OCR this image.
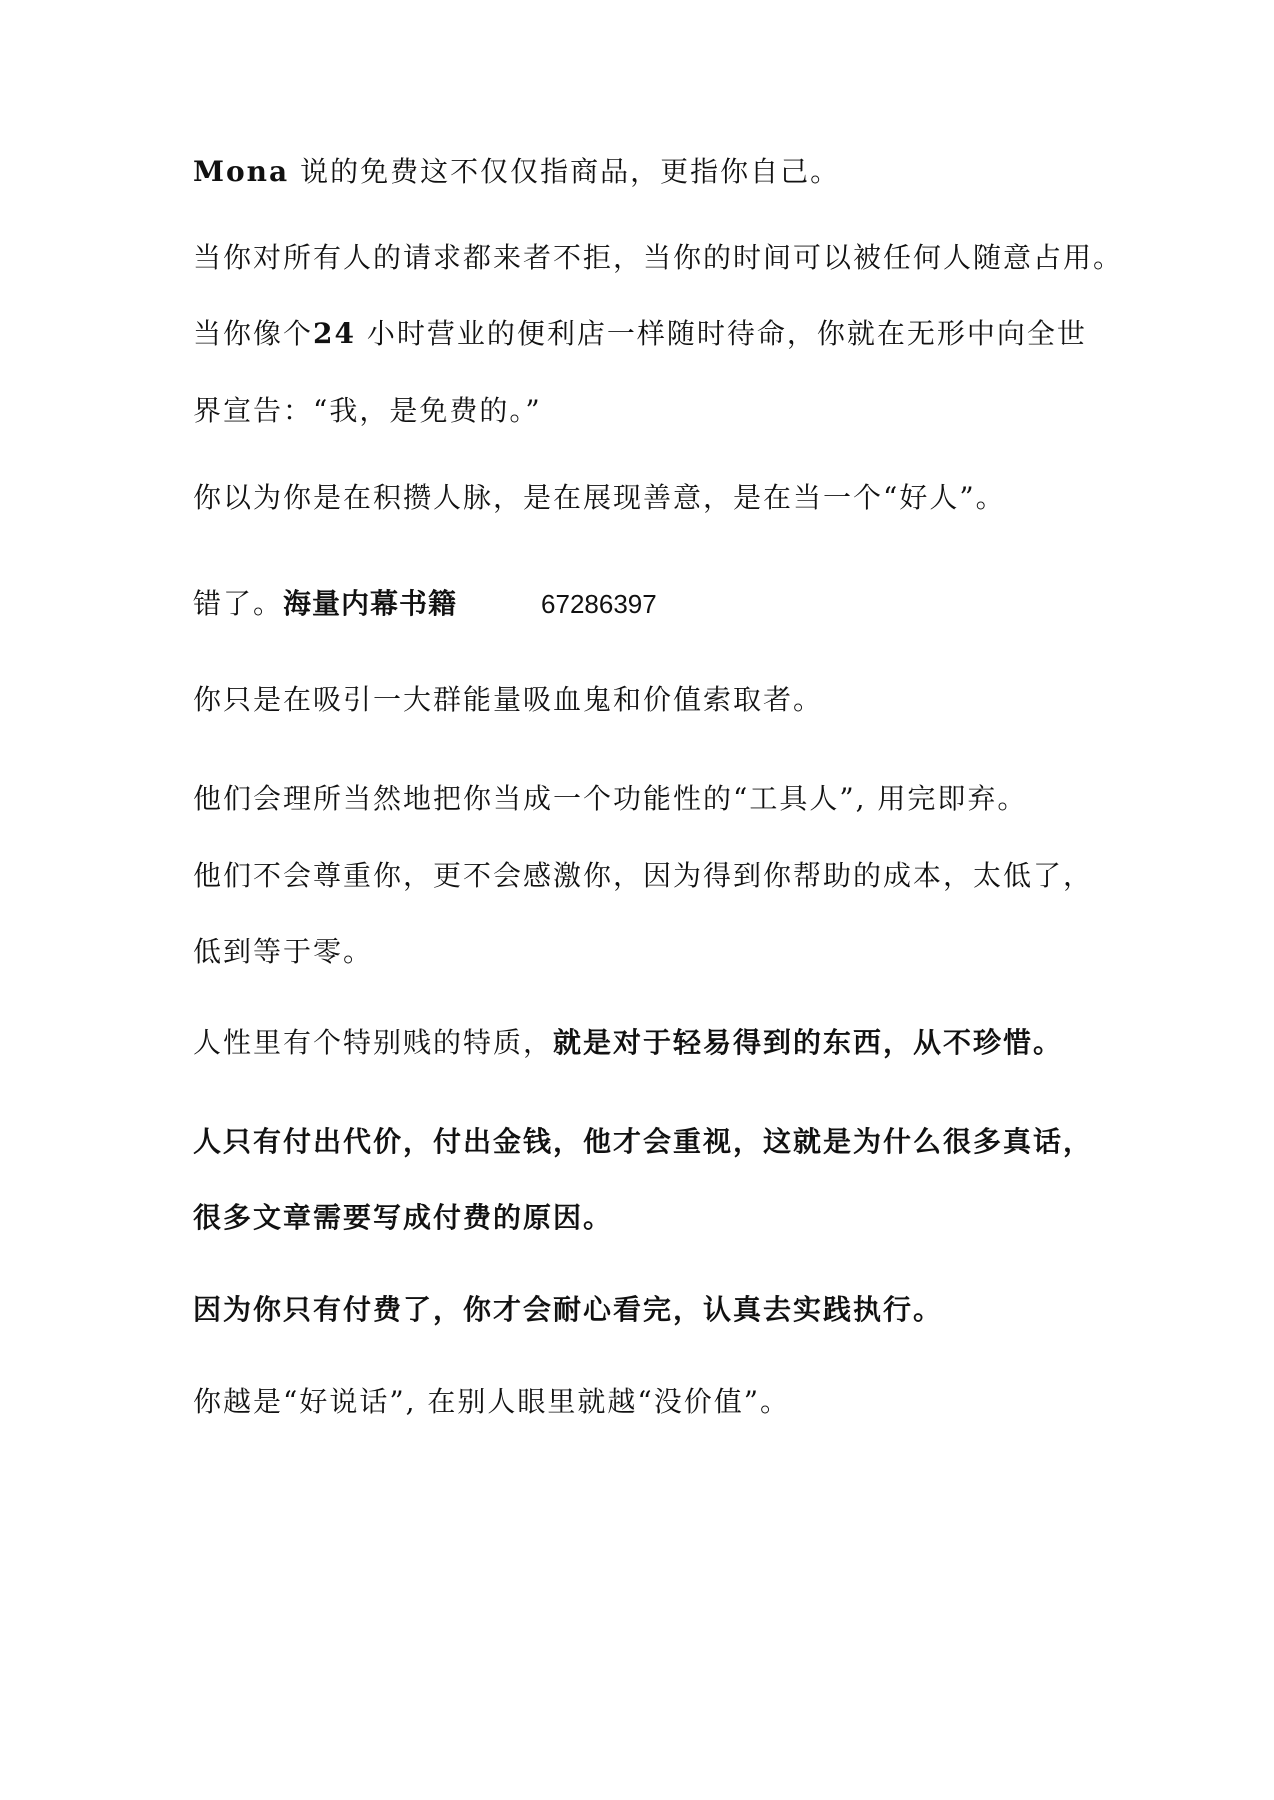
Mona 说的免费这不仅仅指商品，更指你自己。
当你对所有人的请求都来者不拒，当你的时间可以被任何人随意占用。
当你像个24 小时营业的便利店一样随时待命，你就在无形中向全世
界宣告：“我，是免费的。”
你以为你是在积攒人脉，是在展现善意，是在当一个“好人”。
错了。海量内幕书籍	67286397
你只是在吸引一大群能量吸血鬼和价值索取者。
他们会理所当然地把你当成一个功能性的“工具人”, 用完即弃。
他们不会尊重你，更不会感激你，因为得到你帮助的成本，太低了，
低到等于零。
人性里有个特别贱的特质，就是对于轻易得到的东西，从不珍惜。
人只有付出代价，付出金钱，他才会重视，这就是为什么很多真话，
很多文章需要写成付费的原因。
因为你只有付费了，你才会耐心看完，认真去实践执行。
你越是“好说话”, 在别人眼里就越“没价值”。
